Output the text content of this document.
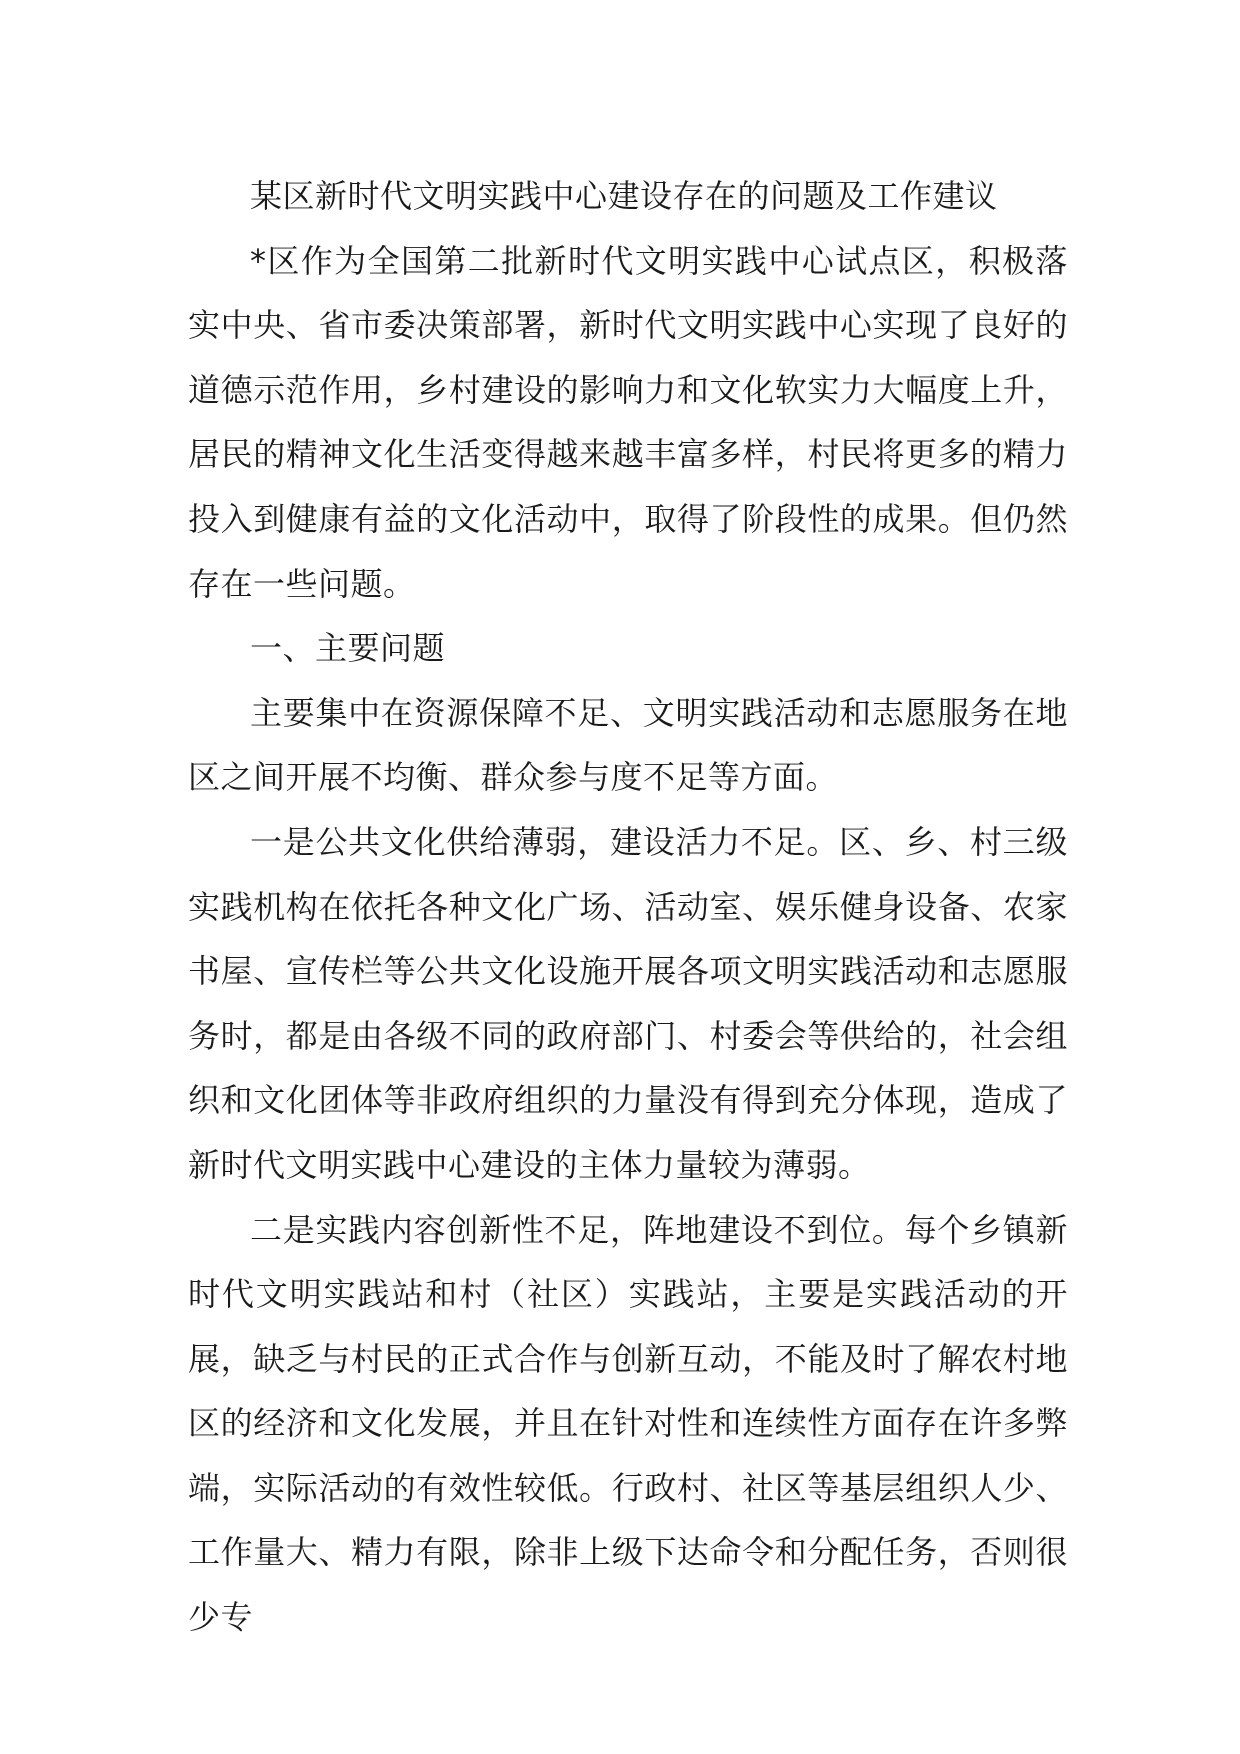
某区新时代文明实践中心建设存在的问题及工作建议

*区作为全国第二批新时代文明实践中心试点区，积极落实中央、省市委决策部署，新时代文明实践中心实现了良好的道德示范作用，乡村建设的影响力和文化软实力大幅度上升，居民的精神文化生活变得越来越丰富多样，村民将更多的精力投入到健康有益的文化活动中，取得了阶段性的成果。但仍然存在一些问题。

一、主要问题

主要集中在资源保障不足、文明实践活动和志愿服务在地区之间开展不均衡、群众参与度不足等方面。

一是公共文化供给薄弱，建设活力不足。区、乡、村三级实践机构在依托各种文化广场、活动室、娱乐健身设备、农家书屋、宣传栏等公共文化设施开展各项文明实践活动和志愿服务时，都是由各级不同的政府部门、村委会等供给的，社会组织和文化团体等非政府组织的力量没有得到充分体现，造成了新时代文明实践中心建设的主体力量较为薄弱。

二是实践内容创新性不足，阵地建设不到位。每个乡镇新时代文明实践站和村（社区）实践站，主要是实践活动的开展，缺乏与村民的正式合作与创新互动，不能及时了解农村地区的经济和文化发展，并且在针对性和连续性方面存在许多弊端，实际活动的有效性较低。行政村、社区等基层组织人少、工作量大、精力有限，除非上级下达命令和分配任务，否则很少专
